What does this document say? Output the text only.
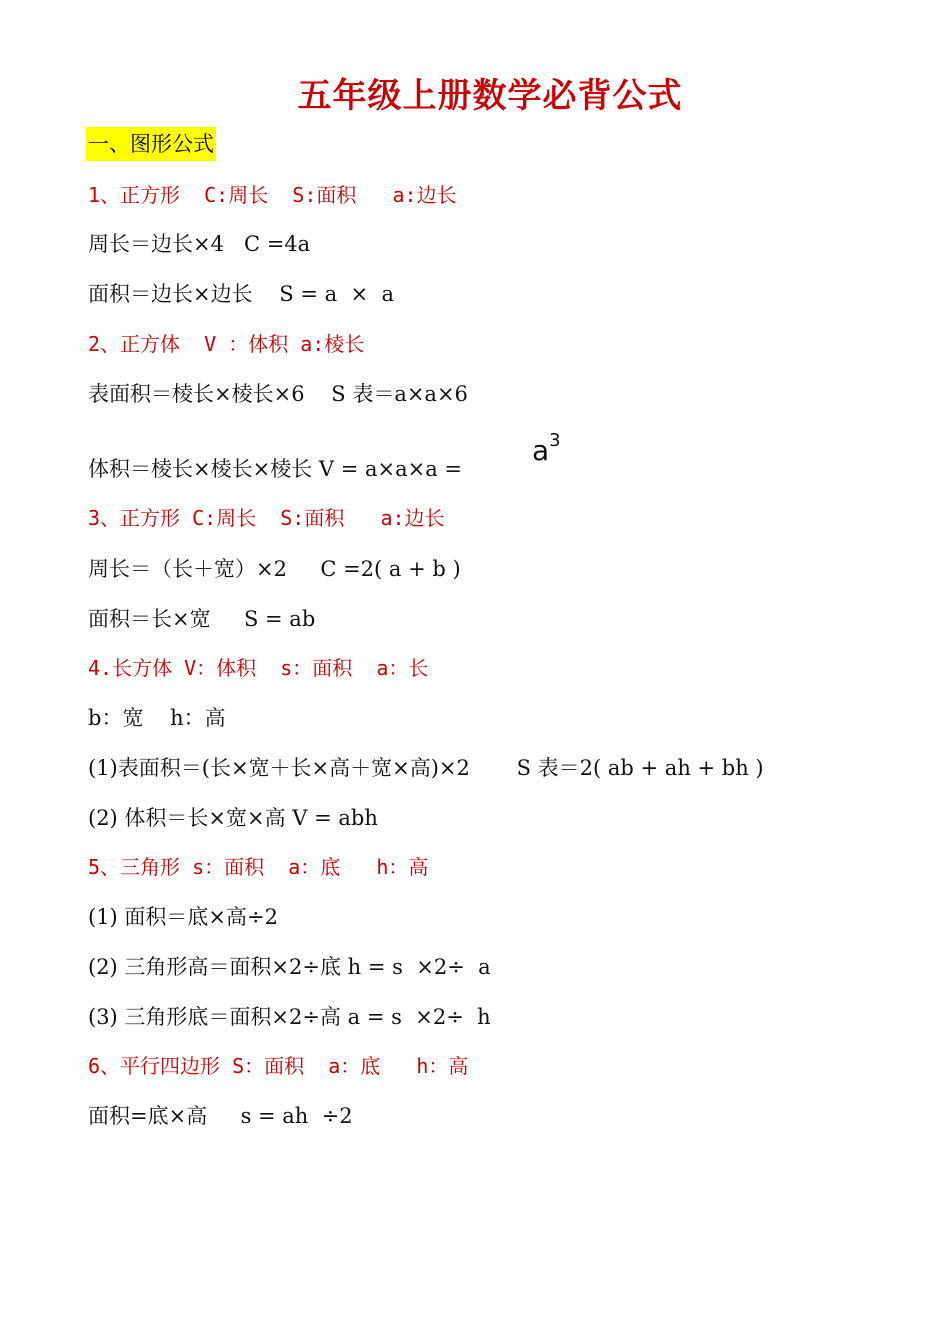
五年级上册数学必背公式
一、图形公式
1、正方形  C:周长  S:面积   a:边长
周长＝边长×4   C =4a
面积＝边长×边长    S = a  ×  a
2、正方体  V ：体积 a:棱长
表面积＝棱长×棱长×6    S 表＝a×a×6
体积＝棱长×棱长×棱长 V = a×a×a =
$a^3$
3、正方形 C:周长  S:面积   a:边长
周长＝（长＋宽）×2     C =2( a + b )
面积＝长×宽     S = ab
4.长方体 V：体积  s：面积  a：长
b：宽    h：高
(1)表面积＝(长×宽＋长×高＋宽×高)×2       S 表＝2( ab + ah + bh )
(2) 体积＝长×宽×高 V = abh
5、三角形 s：面积  a：底   h：高
(1) 面积＝底×高÷2
(2) 三角形高＝面积×2÷底 h = s  ×2÷  a
(3) 三角形底＝面积×2÷高 a = s  ×2÷  h
6、平行四边形 S：面积  a：底   h：高
面积=底×高     s = ah  ÷2
